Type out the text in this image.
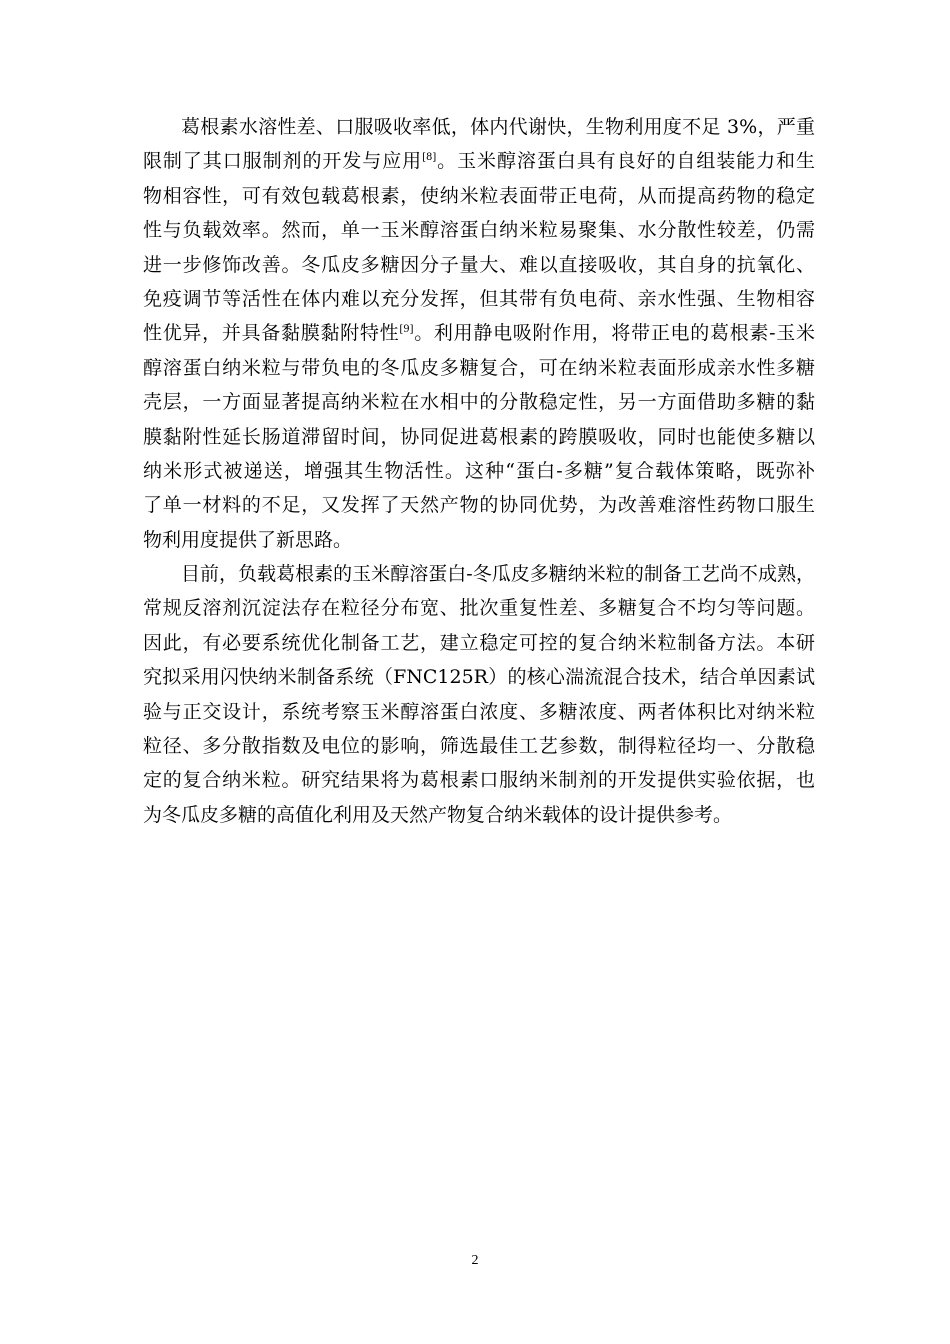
葛根素水溶性差、口服吸收率低，体内代谢快，生物利用度不足 3%，严重
限制了其口服制剂的开发与应用[8]。玉米醇溶蛋白具有良好的自组装能力和生
物相容性，可有效包载葛根素，使纳米粒表面带正电荷，从而提高药物的稳定
性与负载效率。然而，单一玉米醇溶蛋白纳米粒易聚集、水分散性较差，仍需
进一步修饰改善。冬瓜皮多糖因分子量大、难以直接吸收，其自身的抗氧化、
免疫调节等活性在体内难以充分发挥，但其带有负电荷、亲水性强、生物相容
性优异，并具备黏膜黏附特性[9]。利用静电吸附作用，将带正电的葛根素-玉米
醇溶蛋白纳米粒与带负电的冬瓜皮多糖复合，可在纳米粒表面形成亲水性多糖
壳层，一方面显著提高纳米粒在水相中的分散稳定性，另一方面借助多糖的黏
膜黏附性延长肠道滞留时间，协同促进葛根素的跨膜吸收，同时也能使多糖以
纳米形式被递送，增强其生物活性。这种“蛋白-多糖”复合载体策略，既弥补
了单一材料的不足，又发挥了天然产物的协同优势，为改善难溶性药物口服生
物利用度提供了新思路。
目前，负载葛根素的玉米醇溶蛋白-冬瓜皮多糖纳米粒的制备工艺尚不成熟，
常规反溶剂沉淀法存在粒径分布宽、批次重复性差、多糖复合不均匀等问题。
因此，有必要系统优化制备工艺，建立稳定可控的复合纳米粒制备方法。本研
究拟采用闪快纳米制备系统（FNC125R）的核心湍流混合技术，结合单因素试
验与正交设计，系统考察玉米醇溶蛋白浓度、多糖浓度、两者体积比对纳米粒
粒径、多分散指数及电位的影响，筛选最佳工艺参数，制得粒径均一、分散稳
定的复合纳米粒。研究结果将为葛根素口服纳米制剂的开发提供实验依据，也
为冬瓜皮多糖的高值化利用及天然产物复合纳米载体的设计提供参考。
2
